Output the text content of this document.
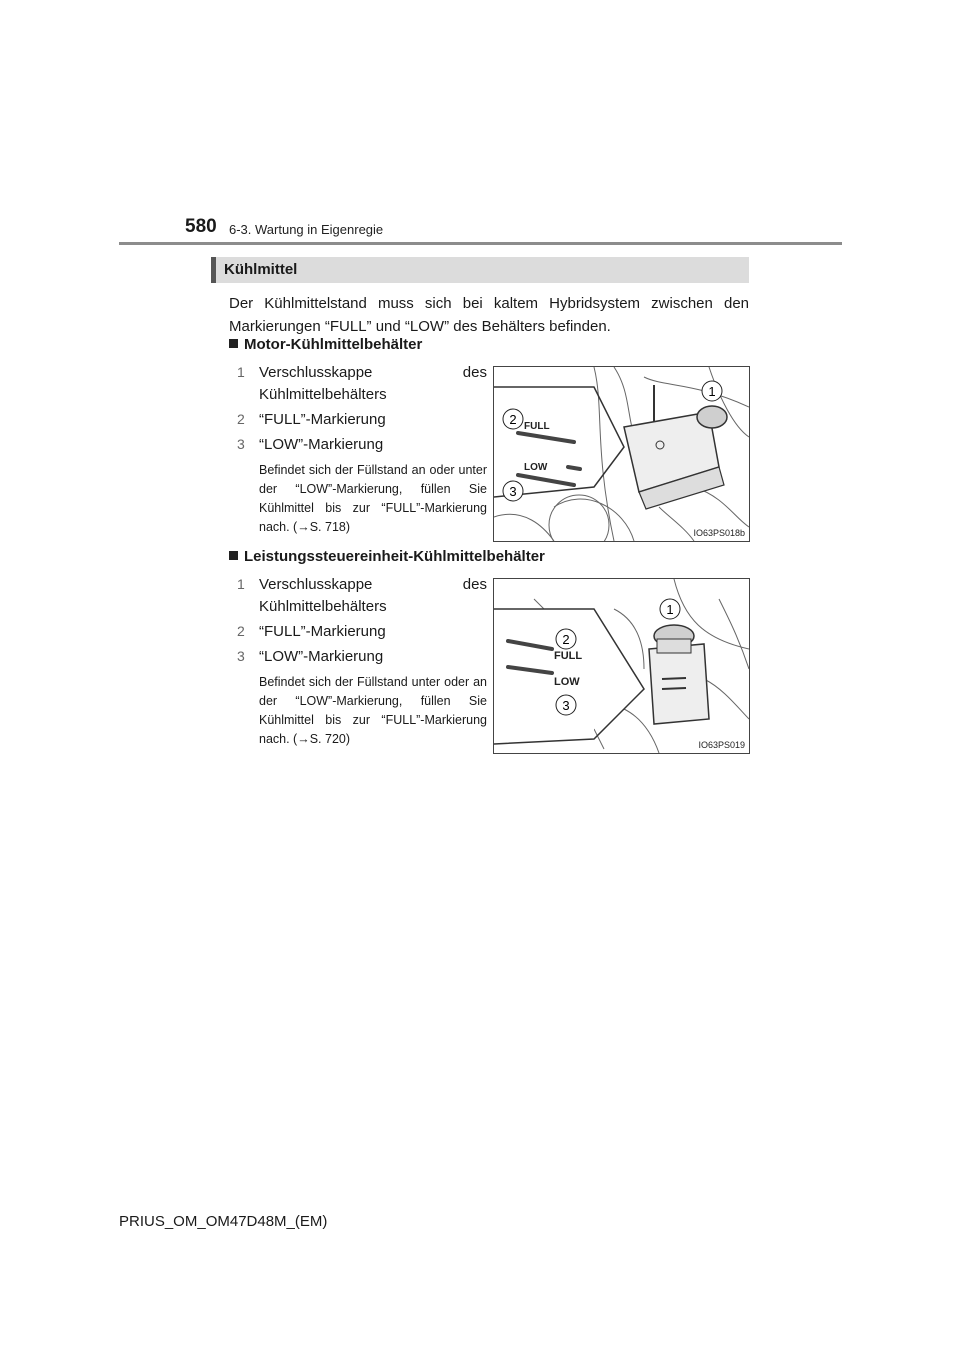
580 6-3. Wartung in Eigenregie
Kühlmittel
Der Kühlmittelstand muss sich bei kaltem Hybridsystem zwischen den Markierungen “FULL” und “LOW” des Behälters befinden.
Motor-Kühlmittelbehälter
1 Verschlusskappe des Kühlmittelbehälters
2 “FULL”-Markierung
3 “LOW”-Markierung
Befindet sich der Füllstand an oder unter der “LOW”-Markierung, füllen Sie Kühlmittel bis zur “FULL”-Markierung nach. (→S. 718)
FULL
LOW
2
3
1
IO63PS018b
Leistungssteuereinheit-Kühlmittelbehälter
1 Verschlusskappe des Kühlmittelbehälters
2 “FULL”-Markierung
3 “LOW”-Markierung
Befindet sich der Füllstand unter oder an der “LOW”-Markierung, füllen Sie Kühlmittel bis zur “FULL”-Markierung nach. (→S. 720)
FULL
LOW
2
3
1
IO63PS019
PRIUS_OM_OM47D48M_(EM)
